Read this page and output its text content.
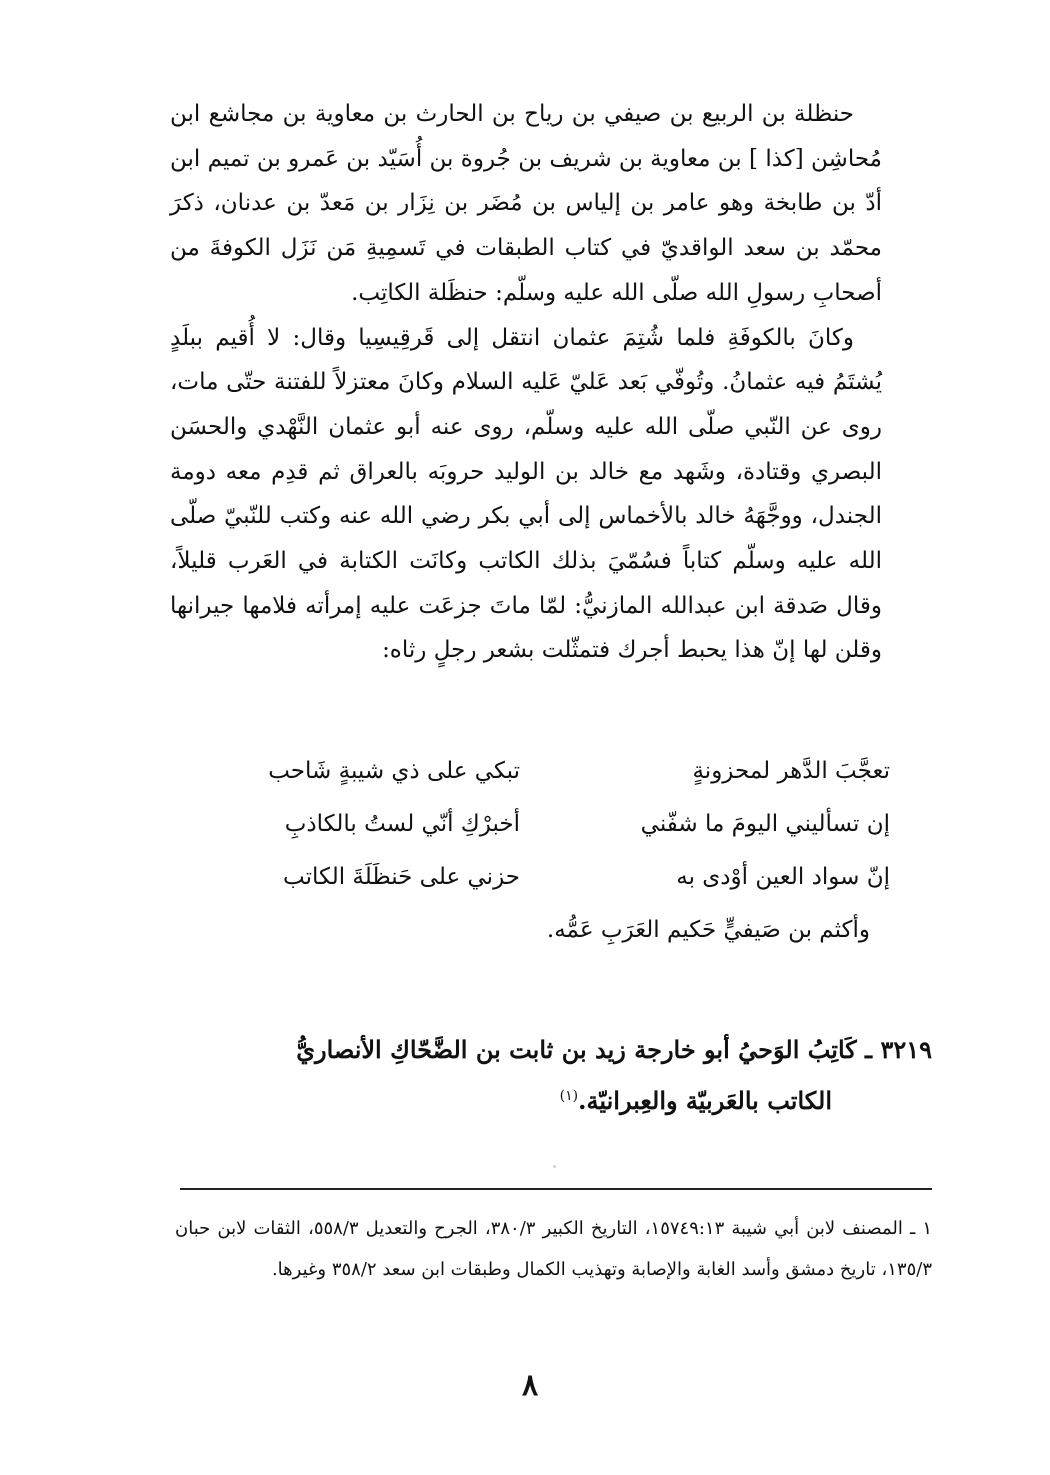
حنظلة بن الربيع بن صيفي بن رياح بن الحارث بن معاوية بن مجاشع ابن مُحاشِن [كذا ] بن معاوية بن شريف بن جُروة بن أُسَيّد بن عَمرو بن تميم ابن أدّ بن طابخة وهو عامر بن إلياس بن مُضَر بن نِزَار بن مَعدّ بن عدنان، ذكرَ محمّد بن سعد الواقديّ في كتاب الطبقات في تَسمِيةِ مَن نَزَل الكوفةَ من أصحابِ رسولِ الله صلّى الله عليه وسلّم: حنظَلة الكاتِب.

وكانَ بالكوفَةِ فلما شُتِمَ عثمان انتقل إلى قَرقِيسِيا وقال: لا أُقيم ببلَدٍ يُشتَمُ فيه عثمانُ. وتُوفّي بَعد عَليّ عَليه السلام وكانَ معتزلاً للفتنة حتّى مات، روى عن النّبي صلّى الله عليه وسلّم، روى عنه أبو عثمان النَّهْدي والحسَن البصري وقتادة، وشَهد مع خالد بن الوليد حروبَه بالعراق ثم قدِم معه دومة الجندل، ووجَّهَهُ خالد بالأخماس إلى أبي بكر رضي الله عنه وكتب للنّبيّ صلّى الله عليه وسلّم كتاباً فسُمّيَ بذلك الكاتب وكانَت الكتابة في العَرب قليلاً، وقال صَدقة ابن عبدالله المازنيُّ: لمّا ماتَ جزعَت عليه إمرأته فلامها جيرانها وقلن لها إنّ هذا يحبط أجرك فتمثّلت بشعر رجلٍ رثاه:

تعجَّبَ الدَّهر لمحزونةٍ
تبكي على ذي شيبةٍ شَاحب
إن تسأليني اليومَ ما شفّني
أخبرْكِ أنّي لستُ بالكاذبِ
إنّ سواد العين أوْدى به
حزني على حَنظَلَةَ الكاتب
وأكثم بن صَيفيٍّ حَكيم العَرَبِ عَمُّه.
٣٢١٩ ـ كَاتِبُ الوَحيُ أبو خارجة زيد بن ثابت بن الضَّحّاكِ الأنصاريُّ
الكاتب بالعَربيّة والعِبرانيّة.$^{(١)}$
١ ـ المصنف لابن أبي شيبة ١٥٧٤٩:١٣، التاريخ الكبير ٣٨٠/٣، الجرح والتعديل ٥٥٨/٣، الثقات لابن حبان ١٣٥/٣، تاريخ دمشق وأسد الغابة والإصابة وتهذيب الكمال وطبقات ابن سعد ٣٥٨/٢ وغيرها.
٨
